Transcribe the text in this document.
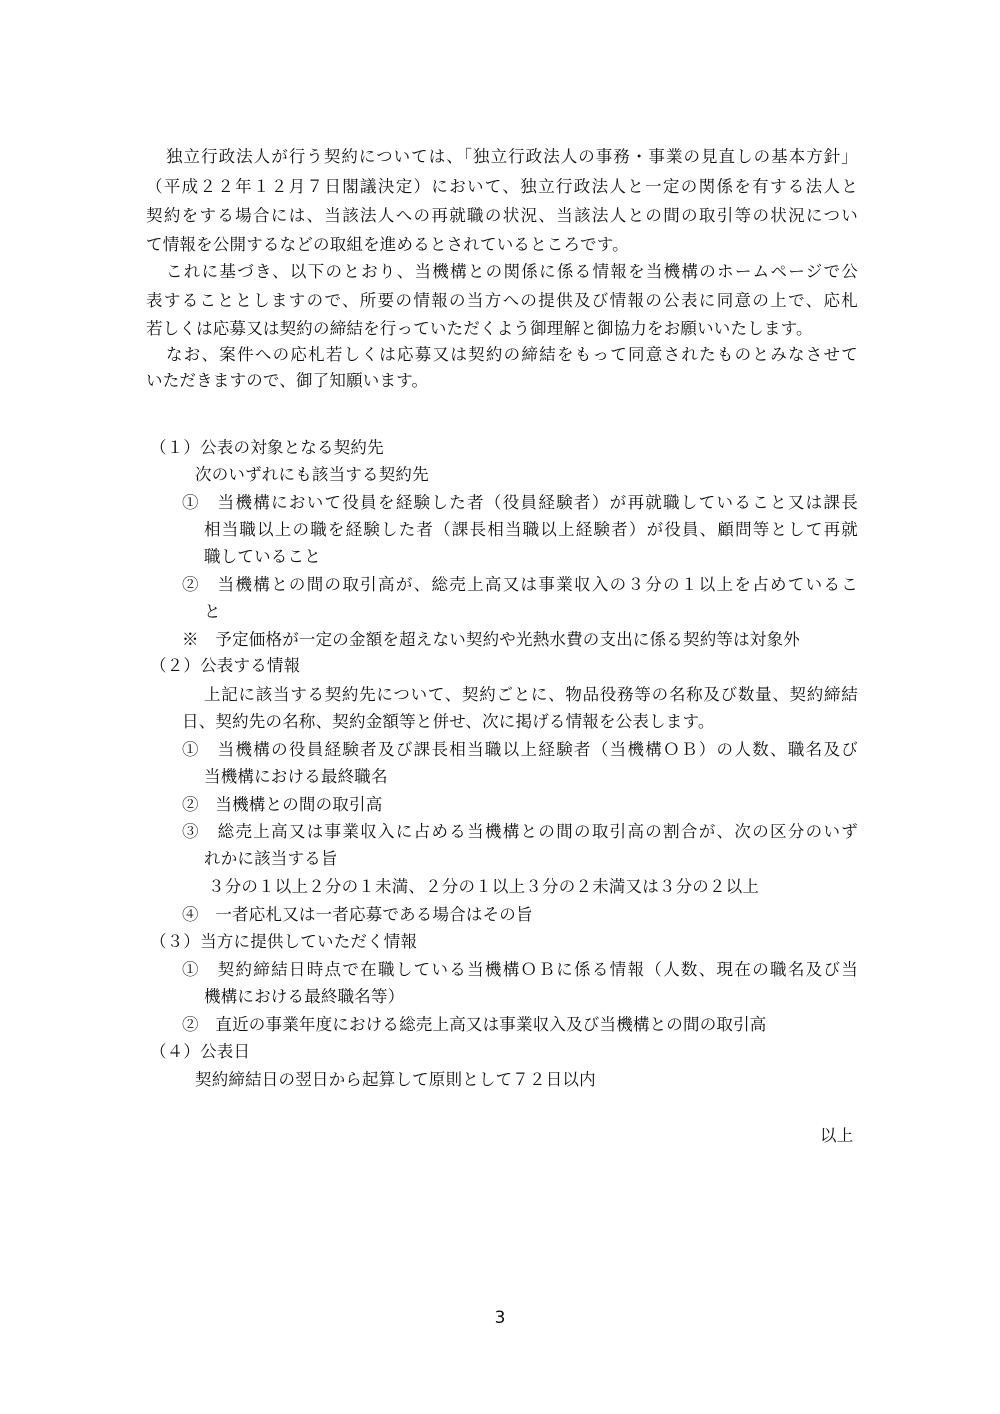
独立行政法人が行う契約については、「独立行政法人の事務・事業の見直しの基本方針」
（平成２２年１２月７日閣議決定）において、独立行政法人と一定の関係を有する法人と
契約をする場合には、当該法人への再就職の状況、当該法人との間の取引等の状況につい
て情報を公開するなどの取組を進めるとされているところです。
これに基づき、以下のとおり、当機構との関係に係る情報を当機構のホームページで公
表することとしますので、所要の情報の当方への提供及び情報の公表に同意の上で、応札
若しくは応募又は契約の締結を行っていただくよう御理解と御協力をお願いいたします。
なお、案件への応札若しくは応募又は契約の締結をもって同意されたものとみなさせて
いただきますので、御了知願います。
（１）公表の対象となる契約先
次のいずれにも該当する契約先
①　当機構において役員を経験した者（役員経験者）が再就職していること又は課長
相当職以上の職を経験した者（課長相当職以上経験者）が役員、顧問等として再就
職していること
②　当機構との間の取引高が、総売上高又は事業収入の３分の１以上を占めているこ
と
※　予定価格が一定の金額を超えない契約や光熱水費の支出に係る契約等は対象外
（２）公表する情報
上記に該当する契約先について、契約ごとに、物品役務等の名称及び数量、契約締結
日、契約先の名称、契約金額等と併せ、次に掲げる情報を公表します。
①　当機構の役員経験者及び課長相当職以上経験者（当機構ＯＢ）の人数、職名及び
当機構における最終職名
②　当機構との間の取引高
③　総売上高又は事業収入に占める当機構との間の取引高の割合が、次の区分のいず
れかに該当する旨
３分の１以上２分の１未満、２分の１以上３分の２未満又は３分の２以上
④　一者応札又は一者応募である場合はその旨
（３）当方に提供していただく情報
①　契約締結日時点で在職している当機構ＯＢに係る情報（人数、現在の職名及び当
機構における最終職名等）
②　直近の事業年度における総売上高又は事業収入及び当機構との間の取引高
（４）公表日
契約締結日の翌日から起算して原則として７２日以内
以上
3
